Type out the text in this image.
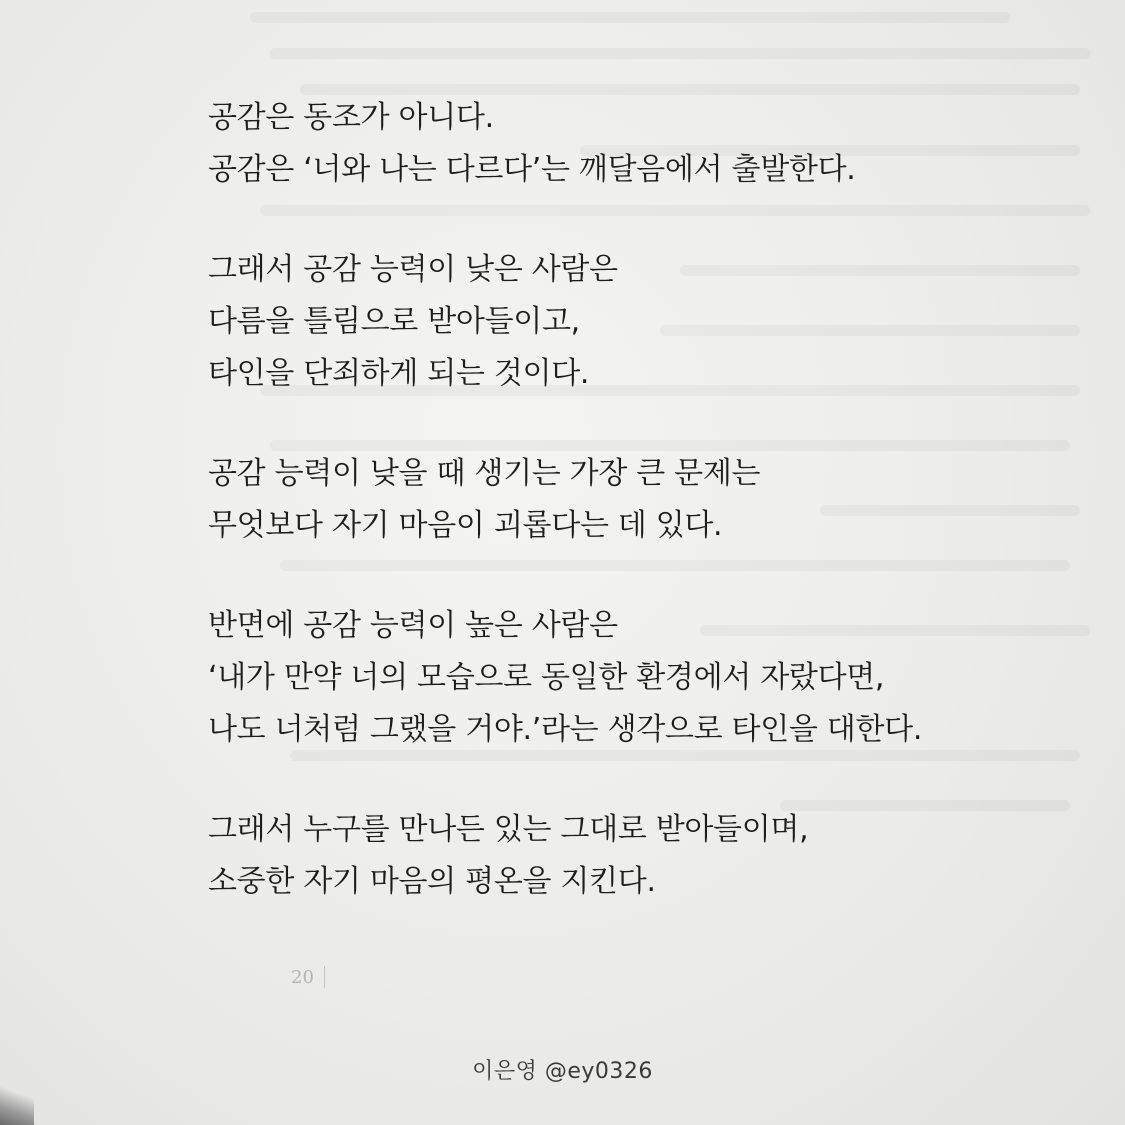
공감은 동조가 아니다.
공감은 ‘너와 나는 다르다’는 깨달음에서 출발한다.

그래서 공감 능력이 낮은 사람은
다름을 틀림으로 받아들이고,
타인을 단죄하게 되는 것이다.

공감 능력이 낮을 때 생기는 가장 큰 문제는
무엇보다 자기 마음이 괴롭다는 데 있다.

반면에 공감 능력이 높은 사람은
‘내가 만약 너의 모습으로 동일한 환경에서 자랐다면,
나도 너처럼 그랬을 거야.’라는 생각으로 타인을 대한다.

그래서 누구를 만나든 있는 그대로 받아들이며,
소중한 자기 마음의 평온을 지킨다.

20
이은영 @ey0326
